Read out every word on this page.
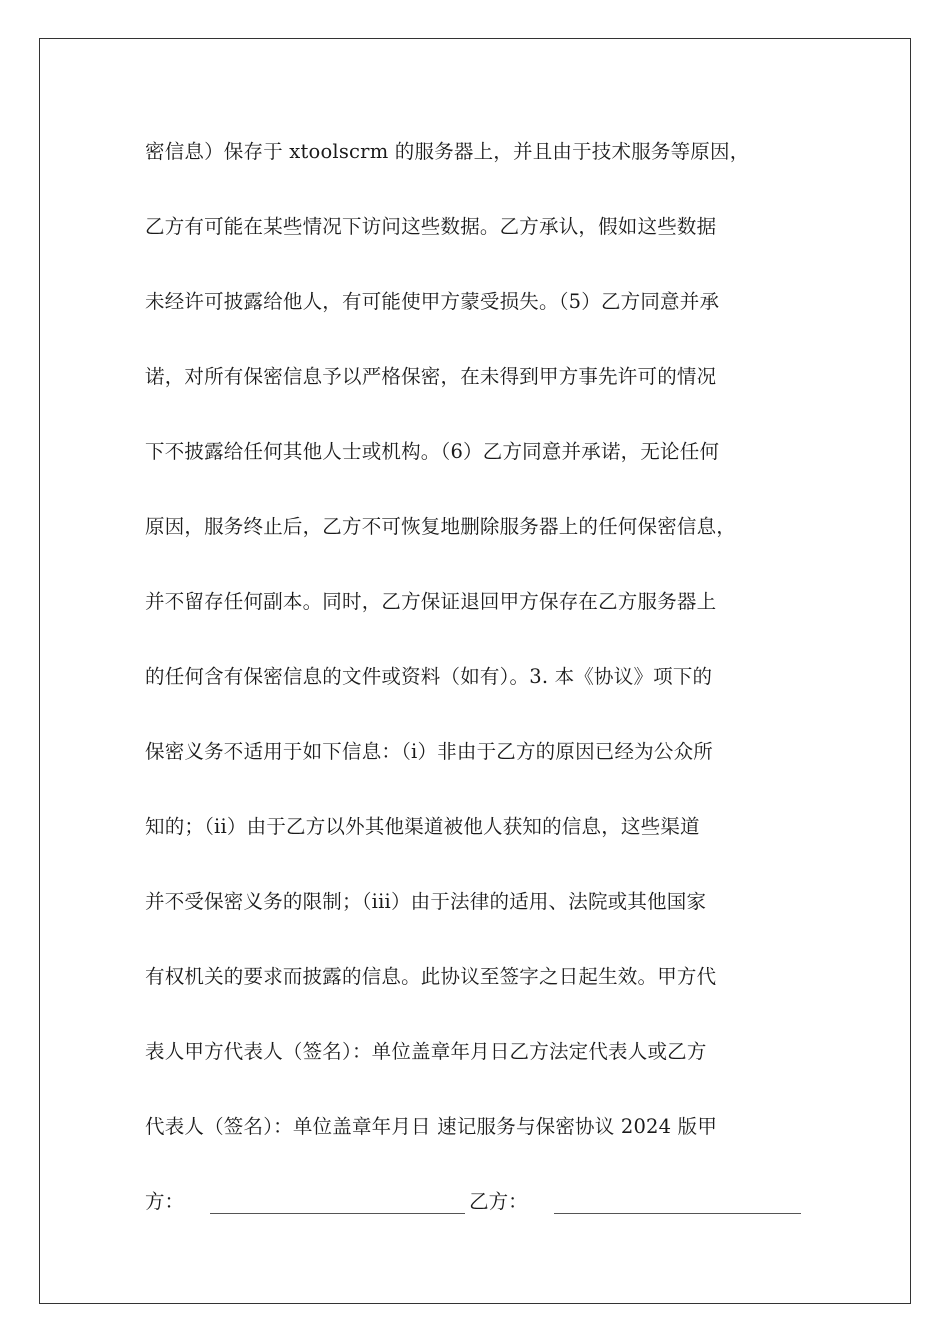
密信息）保存于 xtoolscrm 的服务器上，并且由于技术服务等原因，
乙方有可能在某些情况下访问这些数据。乙方承认，假如这些数据
未经许可披露给他人，有可能使甲方蒙受损失。（5）乙方同意并承
诺，对所有保密信息予以严格保密，在未得到甲方事先许可的情况
下不披露给任何其他人士或机构。（6）乙方同意并承诺，无论任何
原因，服务终止后，乙方不可恢复地删除服务器上的任何保密信息，
并不留存任何副本。同时，乙方保证退回甲方保存在乙方服务器上
的任何含有保密信息的文件或资料（如有）。3. 本《协议》项下的
保密义务不适用于如下信息：（i）非由于乙方的原因已经为公众所
知的；（ii）由于乙方以外其他渠道被他人获知的信息，这些渠道
并不受保密义务的限制；（iii）由于法律的适用、法院或其他国家
有权机关的要求而披露的信息。此协议至签字之日起生效。甲方代
表人甲方代表人（签名）：单位盖章年月日乙方法定代表人或乙方
代表人（签名）：单位盖章年月日 速记服务与保密协议 2024 版甲
方：	乙方：
